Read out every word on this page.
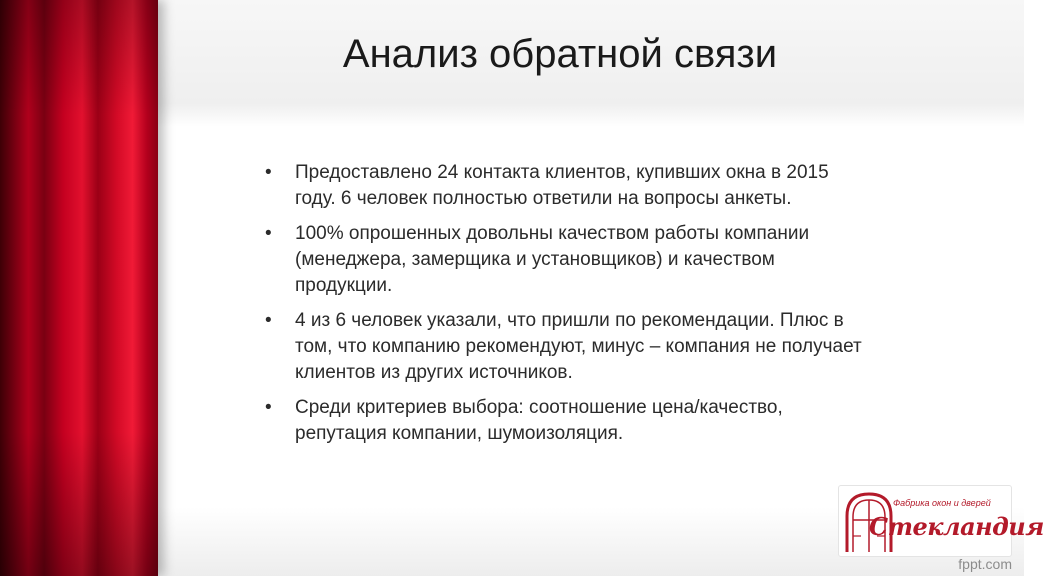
Анализ обратной связи
• Предоставлено 24 контакта клиентов, купивших окна в 2015 году. 6 человек полностью ответили на вопросы анкеты.
• 100% опрошенных довольны качеством работы компании (менеджера, замерщика и установщиков) и качеством продукции.
• 4 из 6 человек указали, что пришли по рекомендации. Плюс в том, что компанию рекомендуют, минус – компания не получает клиентов из других источников.
• Среди критериев выбора: соотношение цена/качество, репутация компании, шумоизоляция.
Фабрика окон и дверей
Стекландия
fppt.com
